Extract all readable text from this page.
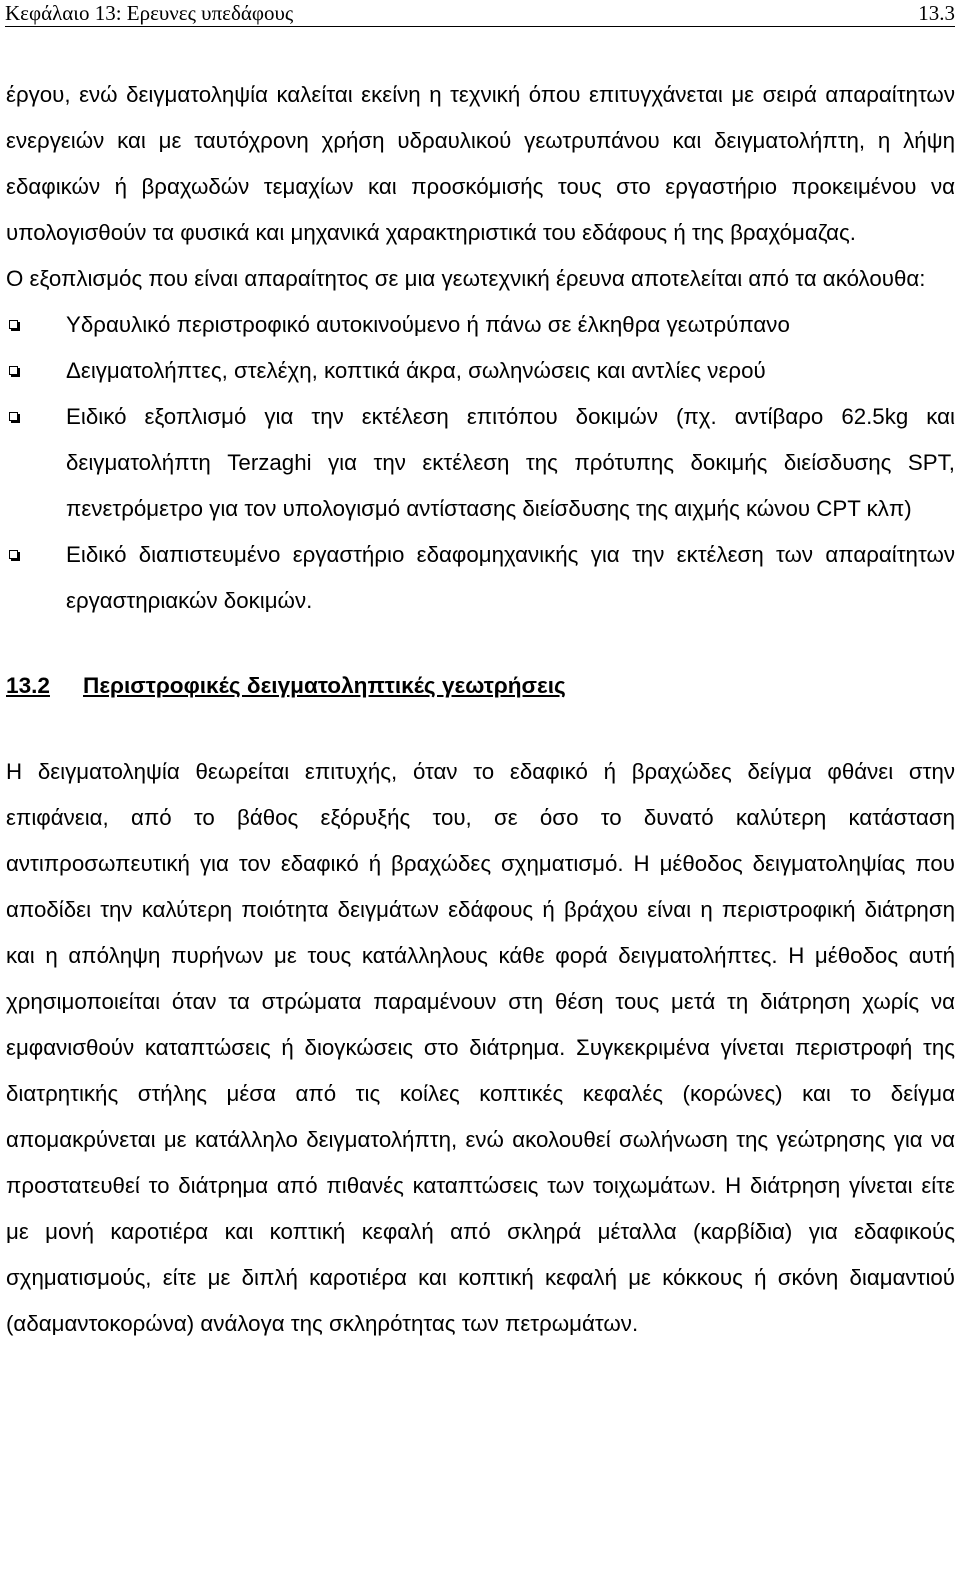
Κεφάλαιο 13: Ερευνες υπεδάφους	13.3

έργου, ενώ δειγματοληψία καλείται εκείνη η τεχνική όπου επιτυγχάνεται με σειρά απαραίτητων ενεργειών και με ταυτόχρονη χρήση υδραυλικού γεωτρυπάνου και δειγματολήπτη, η λήψη εδαφικών ή βραχωδών τεμαχίων και προσκόμισής τους στο εργαστήριο προκειμένου να υπολογισθούν τα φυσικά και μηχανικά χαρακτηριστικά του εδάφους ή της βραχόμαζας.

Ο εξοπλισμός που είναι απαραίτητος σε μια γεωτεχνική έρευνα αποτελείται από τα ακόλουθα:

Υδραυλικό περιστροφικό αυτοκινούμενο ή πάνω σε έλκηθρα γεωτρύπανο
Δειγματολήπτες, στελέχη, κοπτικά άκρα, σωληνώσεις και αντλίες νερού
Ειδικό εξοπλισμό για την εκτέλεση επιτόπου δοκιμών (πχ. αντίβαρο 62.5kg και δειγματολήπτη Terzaghi για την εκτέλεση της πρότυπης δοκιμής διείσδυσης SPT, πενετρόμετρο για τον υπολογισμό αντίστασης διείσδυσης της αιχμής κώνου CPT κλπ)
Ειδικό διαπιστευμένο εργαστήριο εδαφομηχανικής για την εκτέλεση των απαραίτητων εργαστηριακών δοκιμών.
13.2 Περιστροφικές δειγματοληπτικές γεωτρήσεις

Η δειγματοληψία θεωρείται επιτυχής, όταν το εδαφικό ή βραχώδες δείγμα φθάνει στην επιφάνεια, από το βάθος εξόρυξής του, σε όσο το δυνατό καλύτερη κατάσταση αντιπροσωπευτική για τον εδαφικό ή βραχώδες σχηματισμό. Η μέθοδος δειγματοληψίας που αποδίδει την καλύτερη ποιότητα δειγμάτων εδάφους ή βράχου είναι η περιστροφική διάτρηση και η απόληψη πυρήνων με τους κατάλληλους κάθε φορά δειγματολήπτες. Η μέθοδος αυτή χρησιμοποιείται όταν τα στρώματα παραμένουν στη θέση τους μετά τη διάτρηση χωρίς να εμφανισθούν καταπτώσεις ή διογκώσεις στο διάτρημα. Συγκεκριμένα γίνεται περιστροφή της διατρητικής στήλης μέσα από τις κοίλες κοπτικές κεφαλές (κορώνες) και το δείγμα απομακρύνεται με κατάλληλο δειγματολήπτη, ενώ ακολουθεί σωλήνωση της γεώτρησης για να προστατευθεί το διάτρημα από πιθανές καταπτώσεις των τοιχωμάτων. Η διάτρηση γίνεται είτε με μονή καροτιέρα και κοπτική κεφαλή από σκληρά μέταλλα (καρβίδια) για εδαφικούς σχηματισμούς, είτε με διπλή καροτιέρα και κοπτική κεφαλή με κόκκους ή σκόνη διαμαντιού (αδαμαντοκορώνα) ανάλογα της σκληρότητας των πετρωμάτων.
